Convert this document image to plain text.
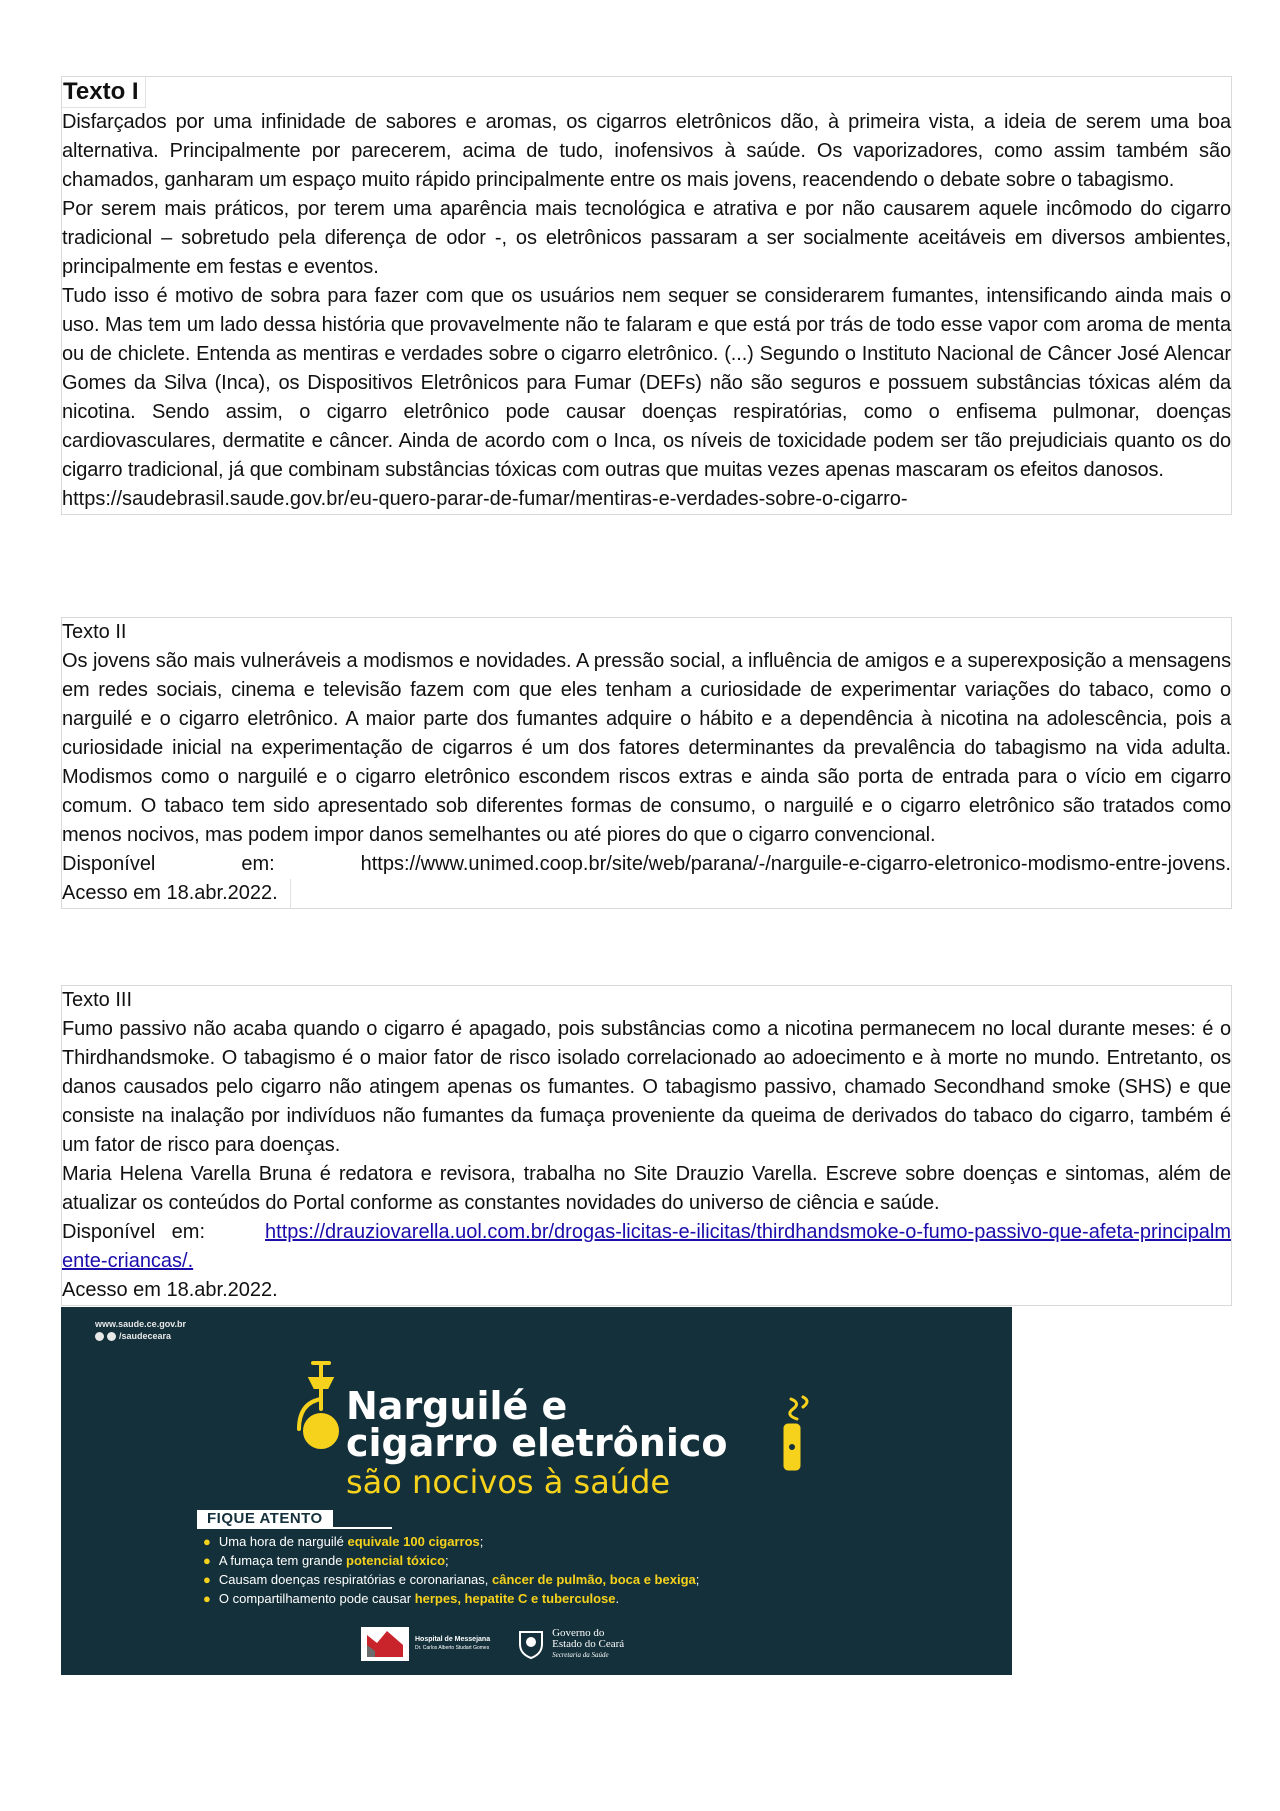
Texto I

Disfarçados por uma infinidade de sabores e aromas, os cigarros eletrônicos dão, à primeira vista, a ideia de serem uma boa alternativa. Principalmente por parecerem, acima de tudo, inofensivos à saúde. Os vaporizadores, como assim também são chamados, ganharam um espaço muito rápido principalmente entre os mais jovens, reacendendo o debate sobre o tabagismo.

Por serem mais práticos, por terem uma aparência mais tecnológica e atrativa e por não causarem aquele incômodo do cigarro tradicional – sobretudo pela diferença de odor -, os eletrônicos passaram a ser socialmente aceitáveis em diversos ambientes, principalmente em festas e eventos.

Tudo isso é motivo de sobra para fazer com que os usuários nem sequer se considerarem fumantes, intensificando ainda mais o uso. Mas tem um lado dessa história que provavelmente não te falaram e que está por trás de todo esse vapor com aroma de menta ou de chiclete. Entenda as mentiras e verdades sobre o cigarro eletrônico. (...) Segundo o Instituto Nacional de Câncer José Alencar Gomes da Silva (Inca), os Dispositivos Eletrônicos para Fumar (DEFs) não são seguros e possuem substâncias tóxicas além da nicotina. Sendo assim, o cigarro eletrônico pode causar doenças respiratórias, como o enfisema pulmonar, doenças cardiovasculares, dermatite e câncer. Ainda de acordo com o Inca, os níveis de toxicidade podem ser tão prejudiciais quanto os do cigarro tradicional, já que combinam substâncias tóxicas com outras que muitas vezes apenas mascaram os efeitos danosos.

https://saudebrasil.saude.gov.br/eu-quero-parar-de-fumar/mentiras-e-verdades-sobre-o-cigarro-

Texto II

Os jovens são mais vulneráveis a modismos e novidades. A pressão social, a influência de amigos e a superexposição a mensagens em redes sociais, cinema e televisão fazem com que eles tenham a curiosidade de experimentar variações do tabaco, como o narguilé e o cigarro eletrônico. A maior parte dos fumantes adquire o hábito e a dependência à nicotina na adolescência, pois a curiosidade inicial na experimentação de cigarros é um dos fatores determinantes da prevalência do tabagismo na vida adulta. Modismos como o narguilé e o cigarro eletrônico escondem riscos extras e ainda são porta de entrada para o vício em cigarro comum. O tabaco tem sido apresentado sob diferentes formas de consumo, o narguilé e o cigarro eletrônico são tratados como menos nocivos, mas podem impor danos semelhantes ou até piores do que o cigarro convencional.

Disponível em: https://www.unimed.coop.br/site/web/parana/-/narguile-e-cigarro-eletronico-modismo-entre-jovens.

Acesso em 18.abr.2022.

Texto III

Fumo passivo não acaba quando o cigarro é apagado, pois substâncias como a nicotina permanecem no local durante meses: é o Thirdhandsmoke. O tabagismo é o maior fator de risco isolado correlacionado ao adoecimento e à morte no mundo. Entretanto, os danos causados pelo cigarro não atingem apenas os fumantes. O tabagismo passivo, chamado Secondhand smoke (SHS) e que consiste na inalação por indivíduos não fumantes da fumaça proveniente da queima de derivados do tabaco do cigarro, também é um fator de risco para doenças.

Maria Helena Varella Bruna é redatora e revisora, trabalha no Site Drauzio Varella. Escreve sobre doenças e sintomas, além de atualizar os conteúdos do Portal conforme as constantes novidades do universo de ciência e saúde.

Disponível em:	https://drauziovarella.uol.com.br/drogas-licitas-e-ilicitas/thirdhandsmoke-o-fumo-passivo-que-afeta-principalmente-criancas/.

Acesso em 18.abr.2022.

www.saude.ce.gov.br
/saudeceara
Narguilé e
cigarro eletrônico
são nocivos à saúde
FIQUE ATENTO
● Uma hora de narguilé equivale 100 cigarros;
● A fumaça tem grande potencial tóxico;
● Causam doenças respiratórias e coronarianas, câncer de pulmão, boca e bexiga;
● O compartilhamento pode causar herpes, hepatite C e tuberculose.
Hospital de Messejana
Dr. Carlos Alberto Studart Gomes
Governo do
Estado do Ceará
Secretaria da Saúde
